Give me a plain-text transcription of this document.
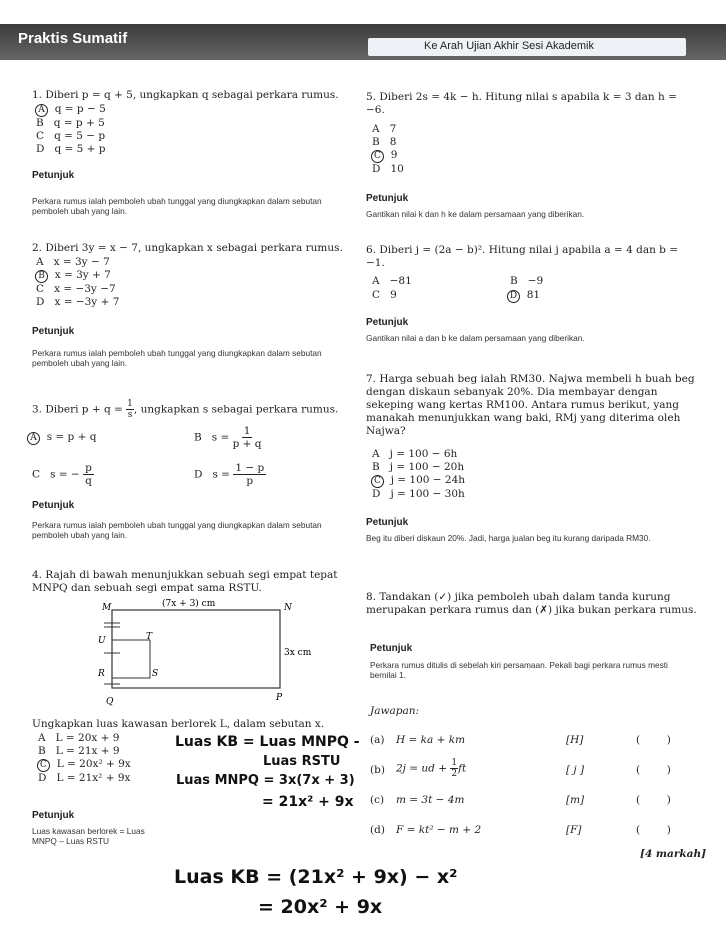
Praktis Sumatif	Ke Arah Ujian Akhir Sesi Akademik
1. Diberi p = q + 5, ungkapkan q sebagai perkara rumus.
A q = p − 5
B q = p + 5
C q = 5 − p
D q = 5 + p
Petunjuk
Perkara rumus ialah pemboleh ubah tunggal yang diungkapkan dalam sebutan pemboleh ubah yang lain.
2. Diberi 3y = x − 7, ungkapkan x sebagai perkara rumus.
A x = 3y − 7
B x = 3y + 7
C x = −3y −7
D x = −3y + 7
Petunjuk
Perkara rumus ialah pemboleh ubah tunggal yang diungkapkan dalam sebutan pemboleh ubah yang lain.
3. Diberi $p + q = \frac{1}{s}$ , ungkapkan s sebagai perkara rumus.
A s = p + q	B $s = \frac{1}{p + q}$
C s = − $\frac{p}{q}$	D $s = \frac{1 - p}{p}$
Petunjuk
Perkara rumus ialah pemboleh ubah tunggal yang diungkapkan dalam sebutan pemboleh ubah yang lain.
4. Rajah di bawah menunjukkan sebuah segi empat tepat MNPQ dan sebuah segi empat sama RSTU.
M	N
U	T
R	S
Q	P
(7x + 3) cm
3x cm
Ungkapkan luas kawasan berlorek L, dalam sebutan x.
A L = 20x + 9
B L = 21x + 9
C L = 20x² + 9x
D L = 21x² + 9x
Petunjuk
Luas kawasan berlorek = Luas MNPQ – Luas RSTU
Luas KB = Luas MNPQ -
Luas RSTU
Luas MNPQ = 3x(7x + 3)
= 21x² + 9x
Luas KB = (21x² + 9x) − x²
= 20x² + 9x
5. Diberi 2s = 4k − h. Hitung nilai s apabila k = 3 dan h = −6.
A 7
B 8
C 9
D 10
Petunjuk
Gantikan nilai k dan h ke dalam persamaan yang diberikan.
6. Diberi j = (2a − b)². Hitung nilai j apabila a = 4 dan b = −1.
A −81	B −9
C 9	D 81
Petunjuk
Gantikan nilai a dan b ke dalam persamaan yang diberikan.
7. Harga sebuah beg ialah RM30. Najwa membeli h buah beg dengan diskaun sebanyak 20%. Dia membayar dengan sekeping wang kertas RM100. Antara rumus berikut, yang manakah menunjukkan wang baki, RMj yang diterima oleh Najwa?
A j = 100 − 6h
B j = 100 − 20h
C j = 100 − 24h
D j = 100 − 30h
Petunjuk
Beg itu diberi diskaun 20%. Jadi, harga jualan beg itu kurang daripada RM30.
8. Tandakan (✓) jika pemboleh ubah dalam tanda kurung merupakan perkara rumus dan (✗) jika bukan perkara rumus.
Petunjuk
Perkara rumus ditulis di sebelah kiri persamaan. Pekali bagi perkara rumus mesti bernilai 1.
Jawapan:
(a) H = ka + km	[H]	(        )
(b) 2j = ud + $\frac{1}{2}$ ft	[ j ]	(        )
(c) m = 3t − 4m	[m]	(        )
(d) F = kt² − m + 2	[F]	(        )
[4 markah]
